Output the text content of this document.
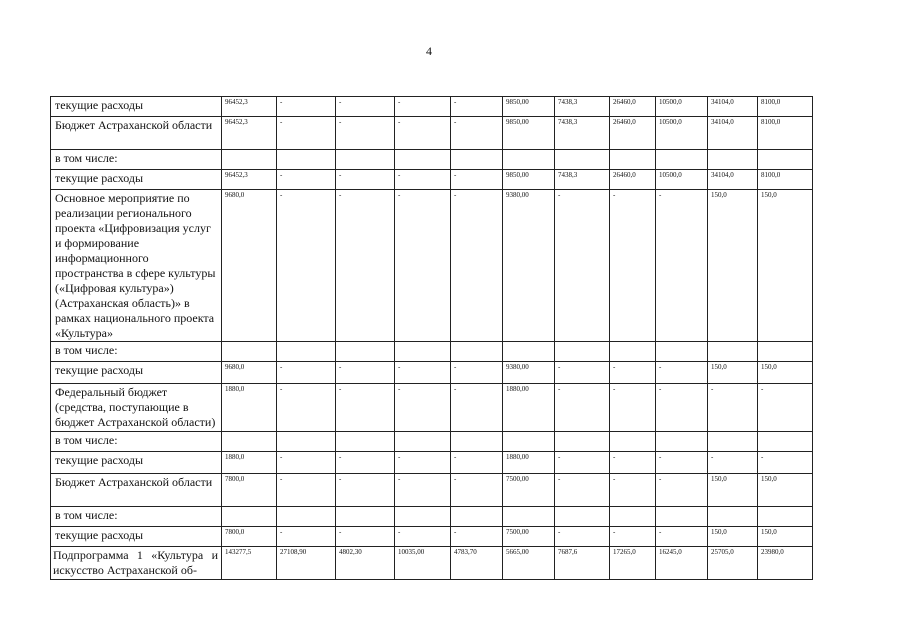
4
текущие расходы	96452,3	-	-	-	-	9850,00	7438,3	26460,0	10500,0	34104,0	8100,0
Бюджет Астраханской области	96452,3	-	-	-	-	9850,00	7438,3	26460,0	10500,0	34104,0	8100,0
в том числе:											
текущие расходы	96452,3	-	-	-	-	9850,00	7438,3	26460,0	10500,0	34104,0	8100,0
Основное мероприятие по реализации регионального проекта «Цифровизация услуг и формирование информационного пространства в сфере культуры («Цифровая культура») (Астраханская область)» в рамках национального проекта «Культура»	9680,0	-	-	-	-	9380,00	-	-	-	150,0	150,0
в том числе:											
текущие расходы	9680,0	-	-	-	-	9380,00	-	-	-	150,0	150,0
Федеральный бюджет (средства, поступающие в бюджет Астраханской области)	1880,0	-	-	-	-	1880,00	-	-	-	-	-
в том числе:											
текущие расходы	1880,0	-	-	-	-	1880,00	-	-	-	-	-
Бюджет Астраханской области	7800,0	-	-	-	-	7500,00	-	-	-	150,0	150,0
в том числе:											
текущие расходы	7800,0	-	-	-	-	7500,00	-	-	-	150,0	150,0
Подпрограмма 1 «Культура и искусство Астраханской об-	143277,5	27108,90	4802,30	10035,00	4783,70	5665,00	7687,6	17265,0	16245,0	25705,0	23980,0
